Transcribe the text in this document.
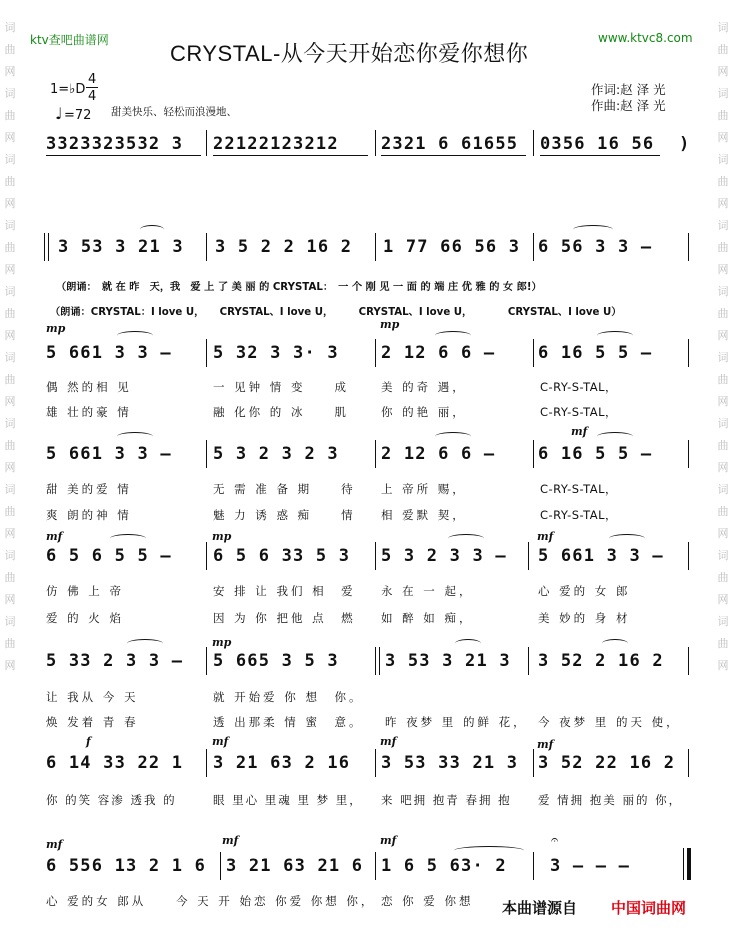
词
曲
网
词
曲
网
词
曲
网
词
曲
网
词
曲
网
词
曲
网
词
曲
网
词
曲
网
词
曲
网
词
曲
网
词
曲
网
词
曲
网
词
曲
网
词
曲
网
词
曲
网
词
曲
网
词
曲
网
词
曲
网
词
曲
网
词
曲
网
ktv查吧曲谱网	www.ktvc8.com
CRYSTAL-从今天开始恋你爱你想你
作词:赵 泽 光
作曲:赵 泽 光
1=♭D
4
4
♩ =72 甜美快乐、轻松而浪漫地、
3323323532 3 22122123212 2321 6 61655 0356 16 56 )
3 53 3 21 3 3 5 2 2 16 2 1 77 66 56 3 6 56 3 3 –
（朗诵：　就 在 昨　天，我　爱 上 了 美 丽 的 CRYSTAL：　一 个 刚 见 一 面 的 端 庄 优 雅 的 女 郎!）
（朗诵：CRYSTAL：I love U，　　CRYSTAL、I love U，　　　CRYSTAL、I love U，　　　　CRYSTAL、I love U）
mp	mp
5 661 3 3 – 5 32 3 3· 3 2 12 6 6 –	6 16 5 5 –
偶 然的相 见	一 见钟 情 变　　成	美 的奇 遇，	C-RY-S-TAL，
雄 壮的豪 情	融 化你 的 冰　　肌	你 的艳 丽，	C-RY-S-TAL，
mf
5 661 3 3 – 5 3 2 3 2 3 2 12 6 6 –	6 16 5 5 –
甜 美的爱 情	无 需 准 备 期　　待 上 帝所 赐，	C-RY-S-TAL，
爽 朗的神 情	魅 力 诱 惑 痴　　情 相 爱默 契，	C-RY-S-TAL，
mf	mp	mf
6 5 6 5 5 – 6 5 6 33 5 3 5 3 2 3 3 – 5 661 3 3 –
仿 佛 上 帝	安 排 让 我们 相　爱 永 在 一 起，	心 爱的 女 郎
爱 的 火 焰	因 为 你 把他 点　燃 如 醉 如 痴，	美 妙的 身 材
mp
5 33 2 3 3 – 5 665 3 5 3	3 53 3 21 3 3 52 2 16 2
让 我从 今 天	就 开始爱 你 想　你。
焕 发着 青 春	透 出那柔 情 蜜　意。 昨 夜梦 里 的鲜 花， 今 夜梦 里 的天 使，
f	mf	mf	mf
6 14 33 22 1 3 21 63 2 16 3 53 33 21 3 3 52 22 16 2
你 的笑 容渗 透我 的	眼 里心 里魂 里 梦 里， 来 吧拥 抱青 春拥 抱 爱 情拥 抱美 丽的 你，
mf	mf	mf	𝄐
6 556 13 2 1 6 3 21 63 21 6 1 6 5 63· 2	3 – – –
心 爱的女 郎从	今 天 开 始恋 你爱 你想 你， 恋 你 爱 你想 本曲谱源自 中国词曲网
